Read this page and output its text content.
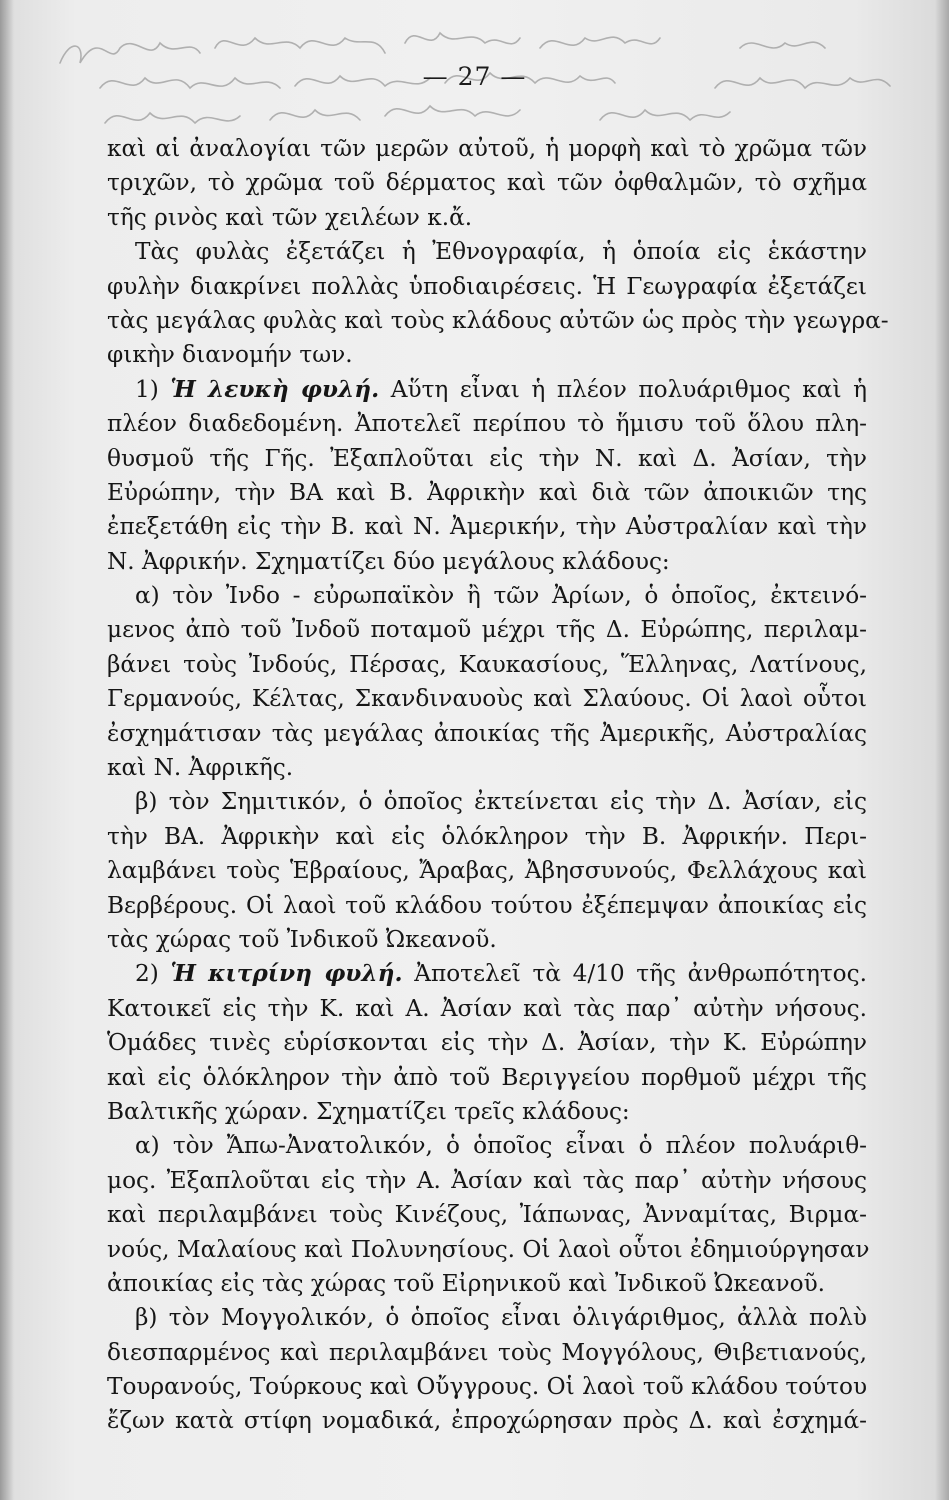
— 27 —
καὶ αἱ ἀναλογίαι τῶν μερῶν αὐτοῦ, ἡ μορφὴ καὶ τὸ χρῶμα τῶν
τριχῶν, τὸ χρῶμα τοῦ δέρματος καὶ τῶν ὀφθαλμῶν, τὸ σχῆμα
τῆς ρινὸς καὶ τῶν χειλέων κ.ἄ.
Τὰς φυλὰς ἐξετάζει ἡ Ἐθνογραφία, ἡ ὁποία εἰς ἑκάστην
φυλὴν διακρίνει πολλὰς ὑποδιαιρέσεις. Ἡ Γεωγραφία ἐξετάζει
τὰς μεγάλας φυλὰς καὶ τοὺς κλάδους αὐτῶν ὡς πρὸς τὴν γεωγρα-
φικὴν διανομήν των.
1) Ἡ λευκὴ φυλή. Αὕτη εἶναι ἡ πλέον πολυάριθμος καὶ ἡ
πλέον διαδεδομένη. Ἀποτελεῖ περίπου τὸ ἥμισυ τοῦ ὅλου πλη-
θυσμοῦ τῆς Γῆς. Ἐξαπλοῦται εἰς τὴν Ν. καὶ Δ. Ἀσίαν, τὴν
Εὐρώπην, τὴν ΒΑ καὶ Β. Ἀφρικὴν καὶ διὰ τῶν ἀποικιῶν της
ἐπεξετάθη εἰς τὴν Β. καὶ Ν. Ἀμερικήν, τὴν Αὐστραλίαν καὶ τὴν
Ν. Ἀφρικήν. Σχηματίζει δύο μεγάλους κλάδους:
α) τὸν Ἰνδο - εὐρωπαϊκὸν ἢ τῶν Ἀρίων, ὁ ὁποῖος, ἐκτεινό-
μενος ἀπὸ τοῦ Ἰνδοῦ ποταμοῦ μέχρι τῆς Δ. Εὐρώπης, περιλαμ-
βάνει τοὺς Ἰνδούς, Πέρσας, Καυκασίους, Ἕλληνας, Λατίνους,
Γερμανούς, Κέλτας, Σκανδιναυοὺς καὶ Σλαύους. Οἱ λαοὶ οὗτοι
ἐσχημάτισαν τὰς μεγάλας ἀποικίας τῆς Ἀμερικῆς, Αὐστραλίας
καὶ Ν. Ἀφρικῆς.
β) τὸν Σημιτικόν, ὁ ὁποῖος ἐκτείνεται εἰς τὴν Δ. Ἀσίαν, εἰς
τὴν ΒΑ. Ἀφρικὴν καὶ εἰς ὁλόκληρον τὴν Β. Ἀφρικήν. Περι-
λαμβάνει τοὺς Ἑβραίους, Ἄραβας, Ἀβησσυνούς, Φελλάχους καὶ
Βερβέρους. Οἱ λαοὶ τοῦ κλάδου τούτου ἐξέπεμψαν ἀποικίας εἰς
τὰς χώρας τοῦ Ἰνδικοῦ Ὠκεανοῦ.
2) Ἡ κιτρίνη φυλή. Ἀποτελεῖ τὰ 4/10 τῆς ἀνθρωπότητος.
Κατοικεῖ εἰς τὴν Κ. καὶ Α. Ἀσίαν καὶ τὰς παρ᾽ αὐτὴν νήσους.
Ὁμάδες τινὲς εὑρίσκονται εἰς τὴν Δ. Ἀσίαν, τὴν Κ. Εὐρώπην
καὶ εἰς ὁλόκληρον τὴν ἀπὸ τοῦ Βεριγγείου πορθμοῦ μέχρι τῆς
Βαλτικῆς χώραν. Σχηματίζει τρεῖς κλάδους:
α) τὸν Ἄπω-Ἀνατολικόν, ὁ ὁποῖος εἶναι ὁ πλέον πολυάριθ-
μος. Ἐξαπλοῦται εἰς τὴν Α. Ἀσίαν καὶ τὰς παρ᾽ αὐτὴν νήσους
καὶ περιλαμβάνει τοὺς Κινέζους, Ἰάπωνας, Ἀνναμίτας, Βιρμα-
νούς, Μαλαίους καὶ Πολυνησίους. Οἱ λαοὶ οὗτοι ἐδημιούργησαν
ἀποικίας εἰς τὰς χώρας τοῦ Εἰρηνικοῦ καὶ Ἰνδικοῦ Ὠκεανοῦ.
β) τὸν Μογγολικόν, ὁ ὁποῖος εἶναι ὀλιγάριθμος, ἀλλὰ πολὺ
διεσπαρμένος καὶ περιλαμβάνει τοὺς Μογγόλους, Θιβετιανούς,
Τουρανούς, Τούρκους καὶ Οὔγγρους. Οἱ λαοὶ τοῦ κλάδου τούτου
ἔζων κατὰ στίφη νομαδικά, ἐπροχώρησαν πρὸς Δ. καὶ ἐσχημά-
